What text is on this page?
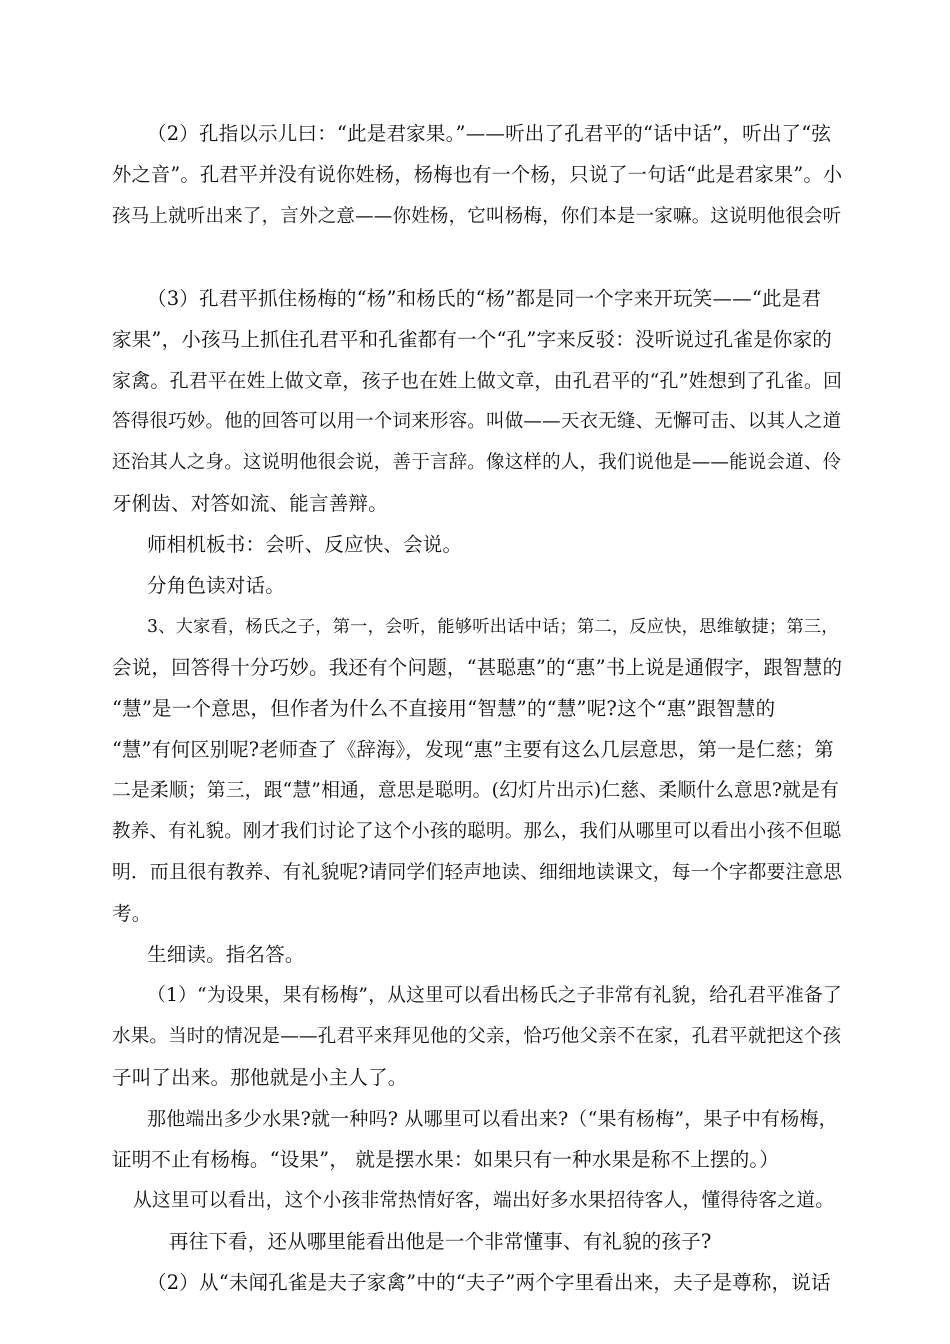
（2）孔指以示儿曰：“此是君家果。”——听出了孔君平的“话中话”，听出了“弦
外之音”。孔君平并没有说你姓杨，杨梅也有一个杨，只说了一句话“此是君家果”。小
孩马上就听出来了，言外之意——你姓杨，它叫杨梅，你们本是一家嘛。这说明他很会听
（3）孔君平抓住杨梅的“杨”和杨氏的“杨”都是同一个字来开玩笑——“此是君
家果”，小孩马上抓住孔君平和孔雀都有一个“孔”字来反驳：没听说过孔雀是你家的
家禽。孔君平在姓上做文章，孩子也在姓上做文章，由孔君平的“孔”姓想到了孔雀。回
答得很巧妙。他的回答可以用一个词来形容。叫做——天衣无缝、无懈可击、以其人之道
还治其人之身。这说明他很会说，善于言辞。像这样的人，我们说他是——能说会道、伶
牙俐齿、对答如流、能言善辩。
师相机板书：会听、反应快、会说。
分角色读对话。
3、大家看，杨氏之子，第一，会听，能够听出话中话；第二，反应快，思维敏捷；第三，
会说，回答得十分巧妙。我还有个问题，“甚聪惠”的“惠”书上说是通假字，跟智慧的
“慧”是一个意思，但作者为什么不直接用“智慧”的“慧”呢?这个“惠”跟智慧的
“慧”有何区别呢?老师查了《辞海》，发现“惠”主要有这么几层意思，第一是仁慈；第
二是柔顺；第三，跟“慧”相通，意思是聪明。(幻灯片出示)仁慈、柔顺什么意思?就是有
教养、有礼貌。刚才我们讨论了这个小孩的聪明。那么，我们从哪里可以看出小孩不但聪
明．而且很有教养、有礼貌呢?请同学们轻声地读、细细地读课文，每一个字都要注意思
考。
生细读。指名答。
（1）“为设果，果有杨梅”，从这里可以看出杨氏之子非常有礼貌，给孔君平准备了
水果。当时的情况是——孔君平来拜见他的父亲，恰巧他父亲不在家，孔君平就把这个孩
子叫了出来。那他就是小主人了。
那他端出多少水果?就一种吗? 从哪里可以看出来?（“果有杨梅”，果子中有杨梅，
证明不止有杨梅。“设果”， 就是摆水果：如果只有一种水果是称不上摆的。）
从这里可以看出，这个小孩非常热情好客，端出好多水果招待客人，懂得待客之道。
再往下看，还从哪里能看出他是一个非常懂事、有礼貌的孩子?
（2）从“未闻孔雀是夫子家禽”中的“夫子”两个字里看出来，夫子是尊称，说话
